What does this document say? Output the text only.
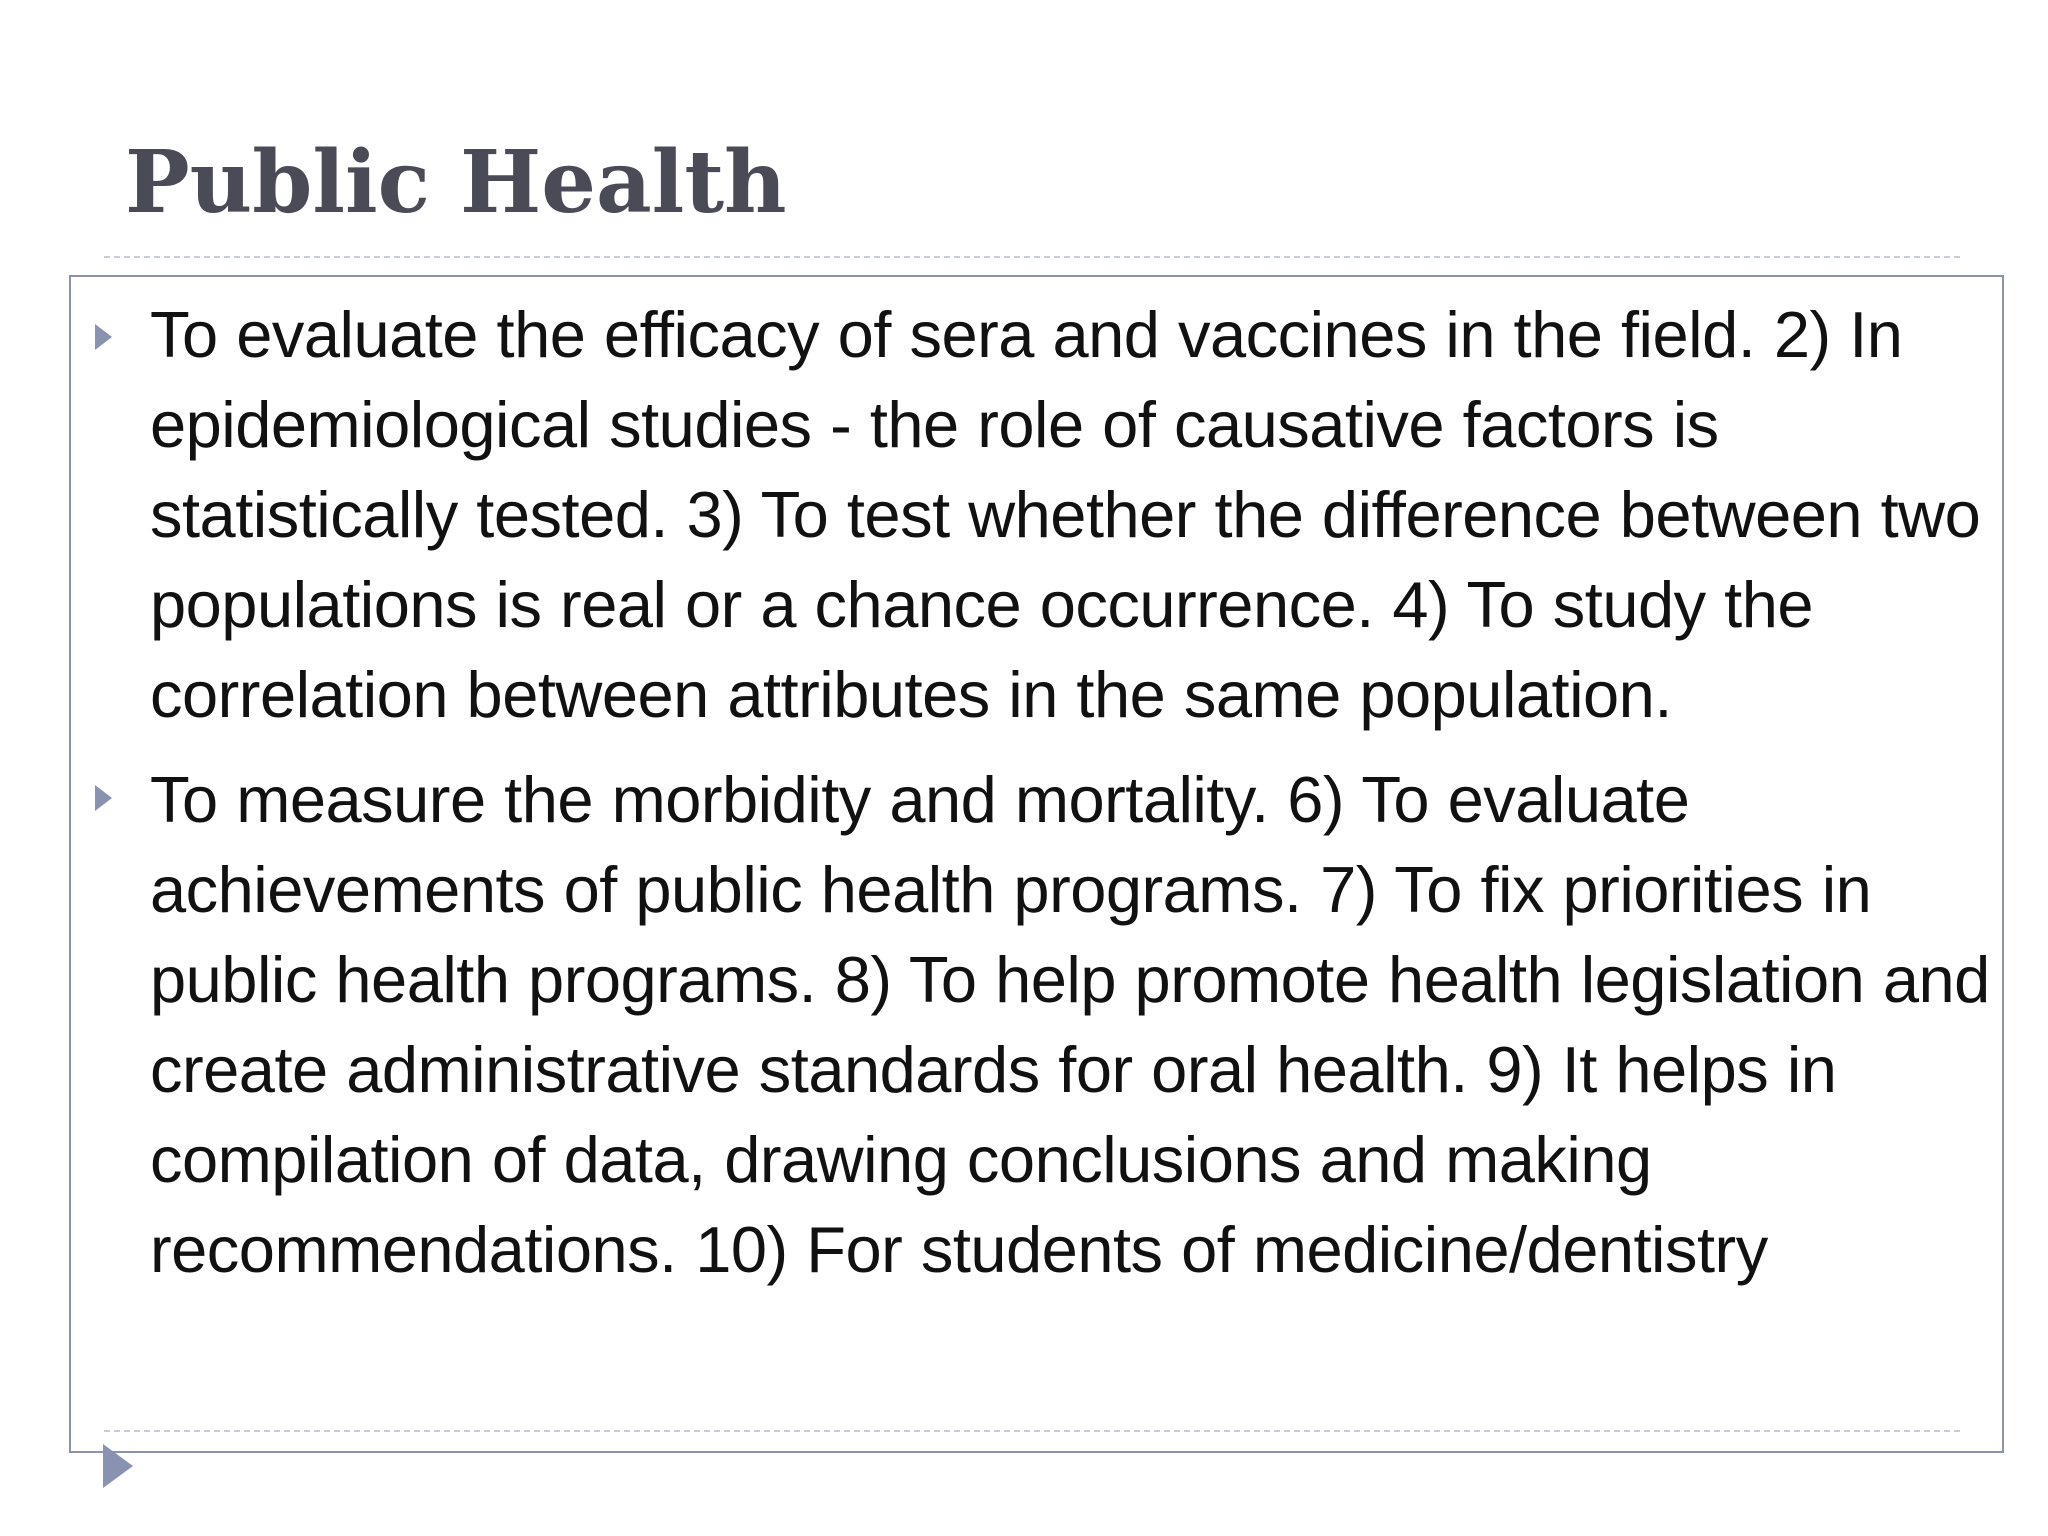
Public Health

To evaluate the efficacy of sera and vaccines in the field. 2) In epidemiological studies - the role of causative factors is statistically tested. 3) To test whether the difference between two populations is real or a chance occurrence. 4) To study the correlation between attributes in the same population.

To measure the morbidity and mortality. 6) To evaluate achievements of public health programs. 7) To fix priorities in public health programs. 8) To help promote health legislation and create administrative standards for oral health. 9) It helps in compilation of data, drawing conclusions and making recommendations. 10) For students of medicine/dentistry
